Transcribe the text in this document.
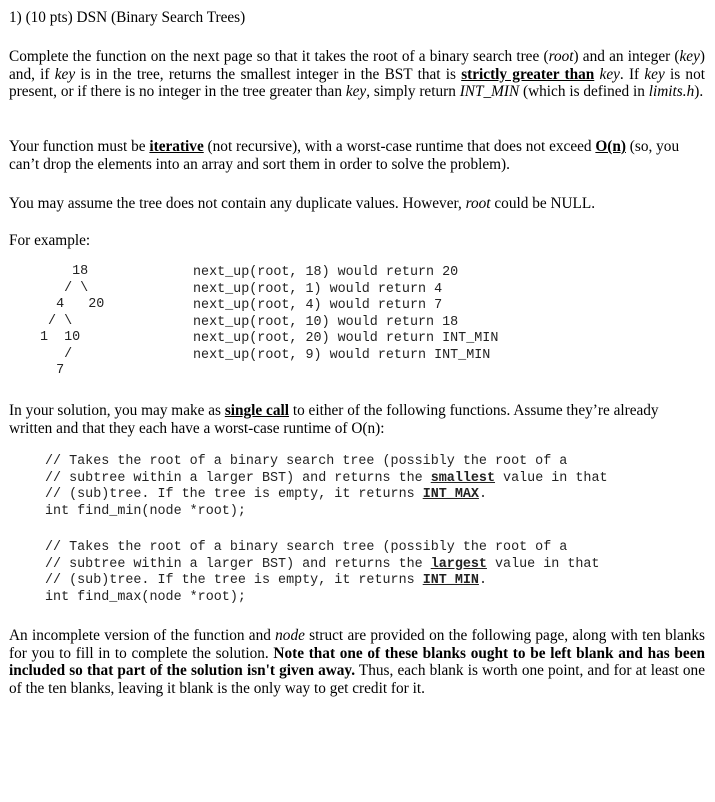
1) (10 pts) DSN (Binary Search Trees)

Complete the function on the next page so that it takes the root of a binary search tree (root) and an integer (key) and, if key is in the tree, returns the smallest integer in the BST that is strictly greater than key. If key is not present, or if there is no integer in the tree greater than key, simply return INT_MIN (which is defined in limits.h).

Your function must be iterative (not recursive), with a worst-case runtime that does not exceed O(n) (so, you can’t drop the elements into an array and sort them in order to solve the problem).

You may assume the tree does not contain any duplicate values. However, root could be NULL.

For example:

18
/ \
4   20
/ \
1  10
/
7
next_up(root, 18) would return 20
next_up(root, 1) would return 4
next_up(root, 4) would return 7
next_up(root, 10) would return 18
next_up(root, 20) would return INT_MIN
next_up(root, 9) would return INT_MIN

In your solution, you may make as single call to either of the following functions. Assume they’re already written and that they each have a worst-case runtime of O(n):

// Takes the root of a binary search tree (possibly the root of a
// subtree within a larger BST) and returns the smallest value in that
// (sub)tree. If the tree is empty, it returns INT_MAX.
int find_min(node *root);
// Takes the root of a binary search tree (possibly the root of a
// subtree within a larger BST) and returns the largest value in that
// (sub)tree. If the tree is empty, it returns INT_MIN.
int find_max(node *root);

An incomplete version of the function and node struct are provided on the following page, along with ten blanks for you to fill in to complete the solution. Note that one of these blanks ought to be left blank and has been included so that part of the solution isn't given away. Thus, each blank is worth one point, and for at least one of the ten blanks, leaving it blank is the only way to get credit for it.
